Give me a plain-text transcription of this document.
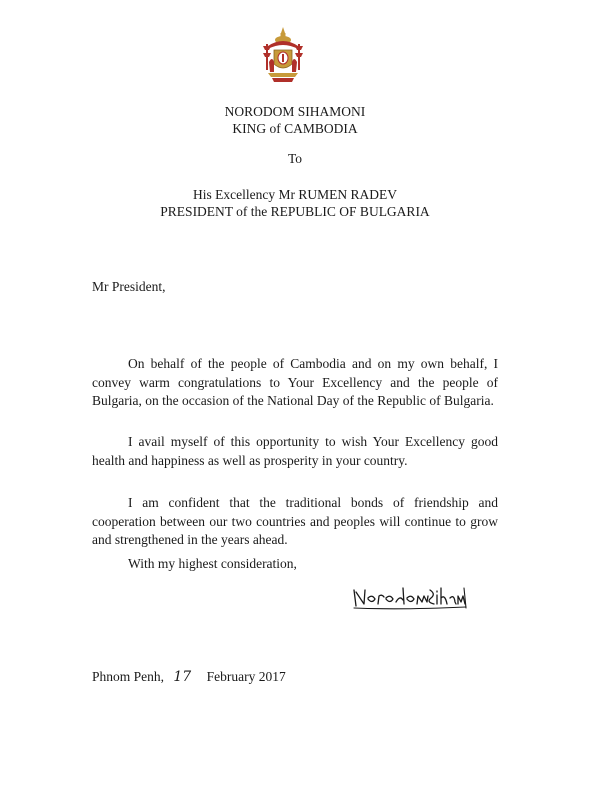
NORODOM SIHAMONI
KING of CAMBODIA
To
His Excellency Mr RUMEN RADEV
PRESIDENT of the REPUBLIC OF BULGARIA
Mr President,

On behalf of the people of Cambodia and on my own behalf, I convey warm congratulations to Your Excellency and the people of Bulgaria, on the occasion of the National Day of the Republic of Bulgaria.

I avail myself of this opportunity to wish Your Excellency good health and happiness as well as prosperity in your country.

I am confident that the traditional bonds of friendship and cooperation between our two countries and peoples will continue to grow and strengthened in the years ahead.

With my highest consideration,
Phnom Penh, 17 February 2017
